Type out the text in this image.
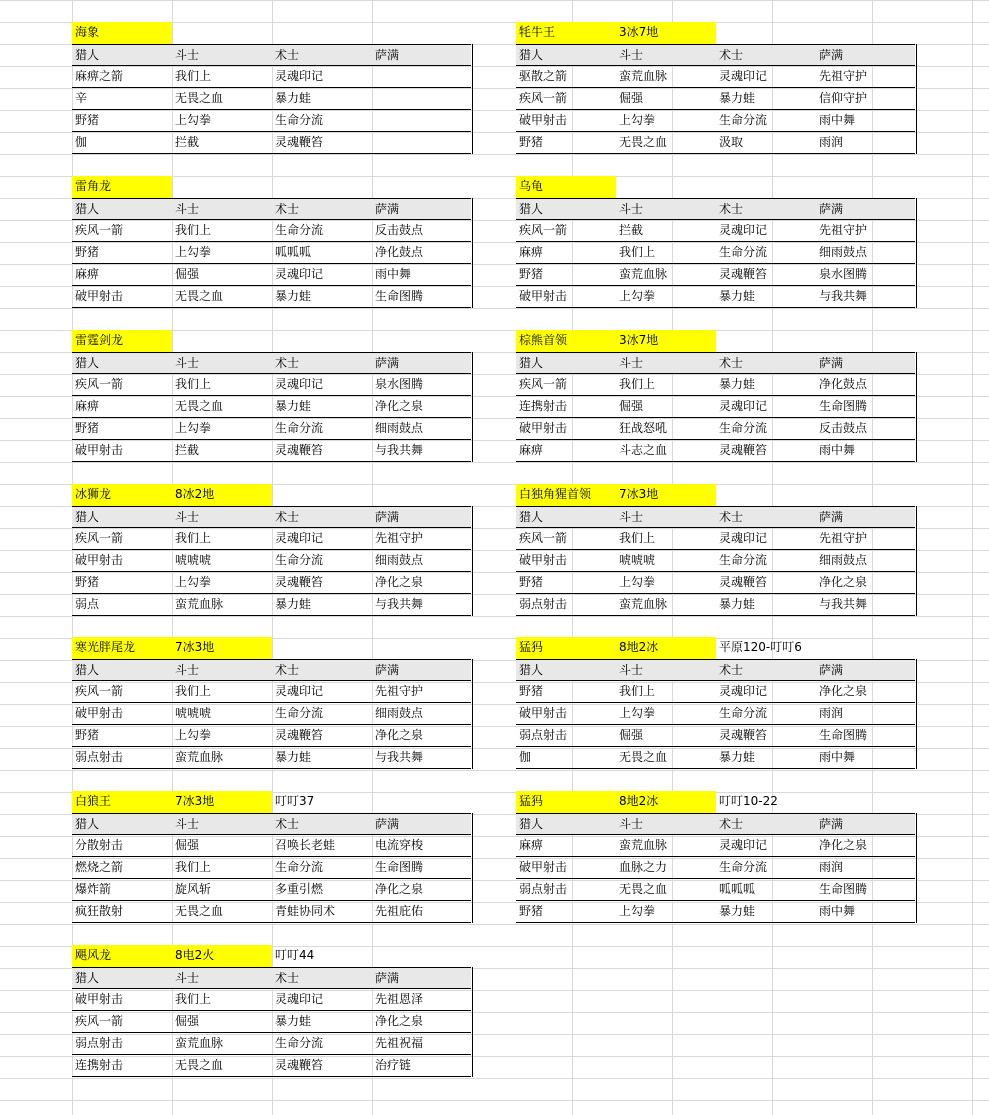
海象
猎人	斗士	术士	萨满
麻痹之箭	我们上	灵魂印记
辛	无畏之血	暴力蛙
野猪	上勾拳	生命分流
伽	拦截	灵魂鞭笞
雷角龙
猎人	斗士	术士	萨满
疾风一箭	我们上	生命分流	反击鼓点
野猪	上勾拳	呱呱呱	净化鼓点
麻痹	倔强	灵魂印记	雨中舞
破甲射击	无畏之血	暴力蛙	生命图腾
雷霆剑龙
猎人	斗士	术士	萨满
疾风一箭	我们上	灵魂印记	泉水图腾
麻痹	无畏之血	暴力蛙	净化之泉
野猪	上勾拳	生命分流	细雨鼓点
破甲射击	拦截	灵魂鞭笞	与我共舞
冰狮龙	8冰2地
猎人	斗士	术士	萨满
疾风一箭	我们上	灵魂印记	先祖守护
破甲射击	唬唬唬	生命分流	细雨鼓点
野猪	上勾拳	灵魂鞭笞	净化之泉
弱点	蛮荒血脉	暴力蛙	与我共舞
寒光胖尾龙	7冰3地
猎人	斗士	术士	萨满
疾风一箭	我们上	灵魂印记	先祖守护
破甲射击	唬唬唬	生命分流	细雨鼓点
野猪	上勾拳	灵魂鞭笞	净化之泉
弱点射击	蛮荒血脉	暴力蛙	与我共舞
白狼王	7冰3地	叮叮37
猎人	斗士	术士	萨满
分散射击	倔强	召唤长老蛙	电流穿梭
燃烧之箭	我们上	生命分流	生命图腾
爆炸箭	旋风斩	多重引燃	净化之泉
疯狂散射	无畏之血	青蛙协同术	先祖庇佑
飓风龙	8电2火	叮叮44
猎人	斗士	术士	萨满
破甲射击	我们上	灵魂印记	先祖恩泽
疾风一箭	倔强	暴力蛙	净化之泉
弱点射击	蛮荒血脉	生命分流	先祖祝福
连携射击	无畏之血	灵魂鞭笞	治疗链
牦牛王	3冰7地
猎人	斗士	术士	萨满
驱散之箭	蛮荒血脉	灵魂印记	先祖守护
疾风一箭	倔强	暴力蛙	信仰守护
破甲射击	上勾拳	生命分流	雨中舞
野猪	无畏之血	汲取	雨润
乌龟
猎人	斗士	术士	萨满
疾风一箭	拦截	灵魂印记	先祖守护
麻痹	我们上	生命分流	细雨鼓点
野猪	蛮荒血脉	灵魂鞭笞	泉水图腾
破甲射击	上勾拳	暴力蛙	与我共舞
棕熊首领	3冰7地
猎人	斗士	术士	萨满
疾风一箭	我们上	暴力蛙	净化鼓点
连携射击	倔强	灵魂印记	生命图腾
破甲射击	狂战怒吼	生命分流	反击鼓点
麻痹	斗志之血	灵魂鞭笞	雨中舞
白独角猩首领	7冰3地
猎人	斗士	术士	萨满
疾风一箭	我们上	灵魂印记	先祖守护
破甲射击	唬唬唬	生命分流	细雨鼓点
野猪	上勾拳	灵魂鞭笞	净化之泉
弱点射击	蛮荒血脉	暴力蛙	与我共舞
猛犸	8地2冰	平原120-叮叮6
猎人	斗士	术士	萨满
野猪	我们上	灵魂印记	净化之泉
破甲射击	上勾拳	生命分流	雨润
弱点射击	倔强	灵魂鞭笞	生命图腾
伽	无畏之血	暴力蛙	雨中舞
猛犸	8地2冰	叮叮10-22
猎人	斗士	术士	萨满
麻痹	蛮荒血脉	灵魂印记	净化之泉
破甲射击	血脉之力	生命分流	雨润
弱点射击	无畏之血	呱呱呱	生命图腾
野猪	上勾拳	暴力蛙	雨中舞
